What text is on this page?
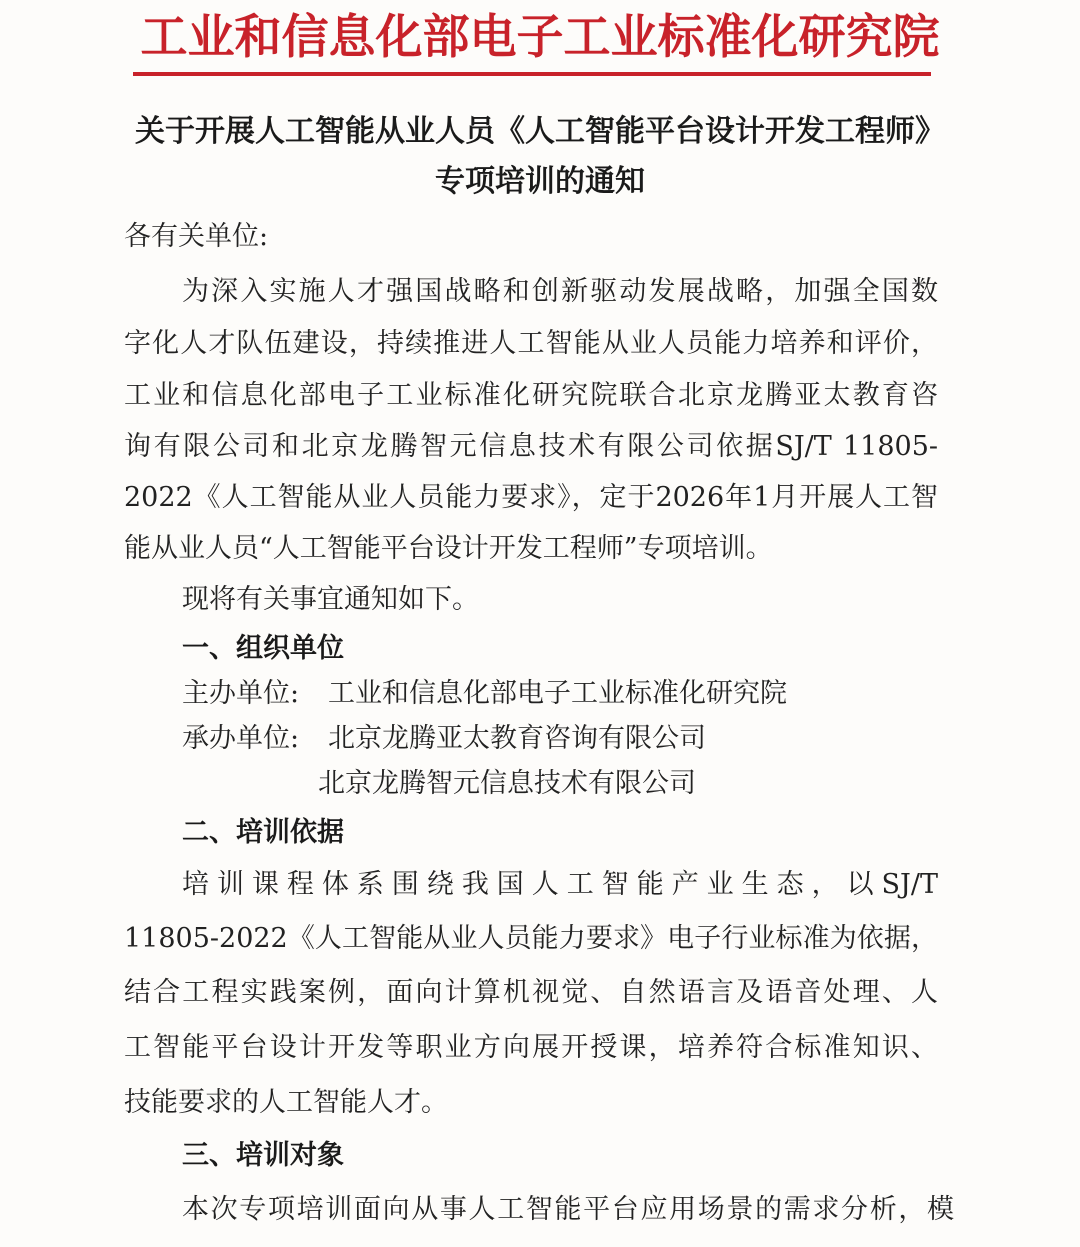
工业和信息化部电子工业标准化研究院
关于开展人工智能从业人员《人工智能平台设计开发工程师》
专项培训的通知
各有关单位:
为深入实施人才强国战略和创新驱动发展战略，加强全国数
字化人才队伍建设，持续推进人工智能从业人员能力培养和评价，
工业和信息化部电子工业标准化研究院联合北京龙腾亚太教育咨
询有限公司和北京龙腾智元信息技术有限公司依据SJ/T 11805-
2022《人工智能从业人员能力要求》，定于2026年1月开展人工智
能从业人员“人工智能平台设计开发工程师”专项培训。
现将有关事宜通知如下。
一、组织单位
主办单位: 工业和信息化部电子工业标准化研究院
承办单位: 北京龙腾亚太教育咨询有限公司
北京龙腾智元信息技术有限公司
二、培训依据
培训课程体系围绕我国人工智能产业生态，以SJ/T
11805-2022《人工智能从业人员能力要求》电子行业标准为依据，
结合工程实践案例，面向计算机视觉、自然语言及语音处理、人
工智能平台设计开发等职业方向展开授课，培养符合标准知识、
技能要求的人工智能人才。
三、培训对象
本次专项培训面向从事人工智能平台应用场景的需求分析，模
